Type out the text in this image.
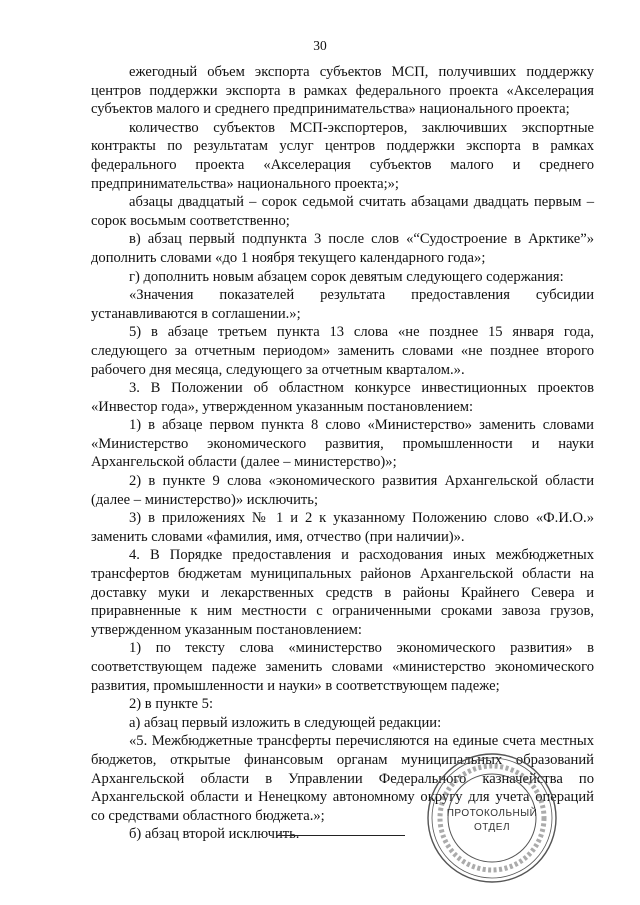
30

ежегодный объем экспорта субъектов МСП, получивших поддержку центров поддержки экспорта в рамках федерального проекта «Акселерация субъектов малого и среднего предпринимательства» национального проекта;

количество субъектов МСП-экспортеров, заключивших экспортные контракты по результатам услуг центров поддержки экспорта в рамках федерального проекта «Акселерация субъектов малого и среднего предпринимательства» национального проекта;»;

абзацы двадцатый – сорок седьмой считать абзацами двадцать первым – сорок восьмым соответственно;

в) абзац первый подпункта 3 после слов «“Судостроение в Арктике”» дополнить словами «до 1 ноября текущего календарного года»;

г) дополнить новым абзацем сорок девятым следующего содержания:

«Значения показателей результата предоставления субсидии устанавливаются в соглашении.»;

5) в абзаце третьем пункта 13 слова «не позднее 15 января года, следующего за отчетным периодом» заменить словами «не позднее второго рабочего дня месяца, следующего за отчетным кварталом.».

3. В Положении об областном конкурсе инвестиционных проектов «Инвестор года», утвержденном указанным постановлением:

1) в абзаце первом пункта 8 слово «Министерство» заменить словами «Министерство экономического развития, промышленности и науки Архангельской области (далее – министерство)»;

2) в пункте 9 слова «экономического развития Архангельской области (далее – министерство)» исключить;

3) в приложениях № 1 и 2 к указанному Положению слово «Ф.И.О.» заменить словами «фамилия, имя, отчество (при наличии)».

4. В Порядке предоставления и расходования иных межбюджетных трансфертов бюджетам муниципальных районов Архангельской области на доставку муки и лекарственных средств в районы Крайнего Севера и приравненные к ним местности с ограниченными сроками завоза грузов, утвержденном указанным постановлением:

1) по тексту слова «министерство экономического развития» в соответствующем падеже заменить словами «министерство экономического развития, промышленности и науки» в соответствующем падеже;

2) в пункте 5:

а) абзац первый изложить в следующей редакции:

«5. Межбюджетные трансферты перечисляются на единые счета местных бюджетов, открытые финансовым органам муниципальных образований Архангельской области в Управлении Федерального казначейства по Архангельской области и Ненецкому автономному округу для учета операций со средствами областного бюджета.»;

б) абзац второй исключить.

ПРОТОКОЛЬНЫЙ
ОТДЕЛ
